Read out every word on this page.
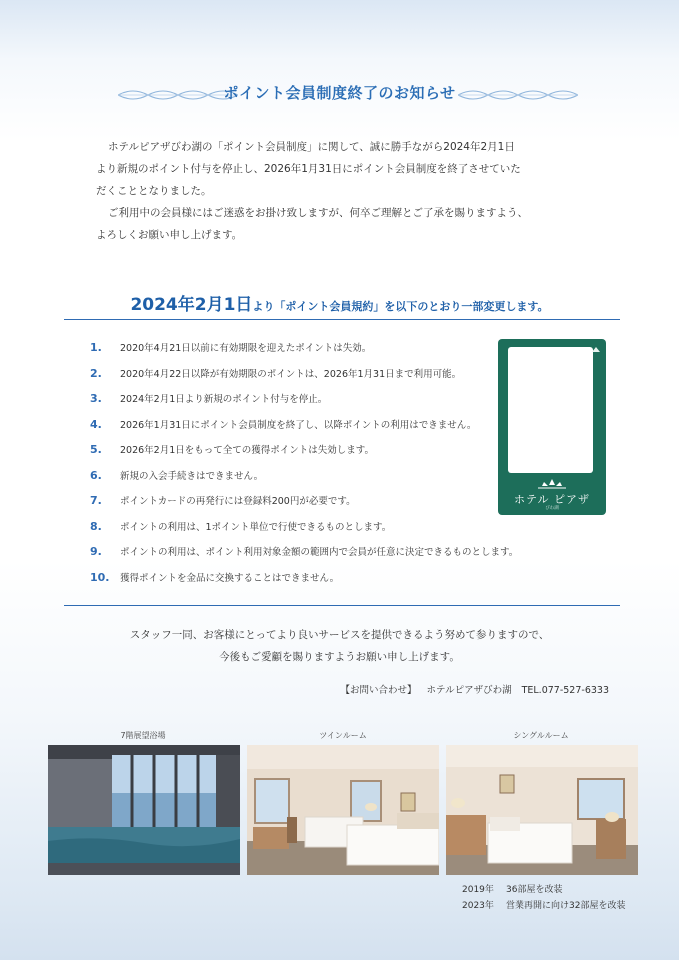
ポイント会員制度終了のお知らせ

ホテルピアザびわ湖の「ポイント会員制度」に関して、誠に勝手ながら2024年2月1日

より新規のポイント付与を停止し、2026年1月31日にポイント会員制度を終了させていた

だくこととなりました。

ご利用中の会員様にはご迷惑をお掛け致しますが、何卒ご理解とご了承を賜りますよう、

よろしくお願い申し上げます。

2024年2月1日より「ポイント会員規約」を以下のとおり一部変更します。
1. 2020年4月21日以前に有効期限を迎えたポイントは失効。
2. 2020年4月22日以降が有効期限のポイントは、2026年1月31日まで利用可能。
3. 2024年2月1日より新規のポイント付与を停止。
4. 2026年1月31日にポイント会員制度を終了し、以降ポイントの利用はできません。
5. 2026年2月1日をもって全ての獲得ポイントは失効します。
6. 新規の入会手続きはできません。
7. ポイントカードの再発行には登録料200円が必要です。
8. ポイントの利用は、1ポイント単位で行使できるものとします。
9. ポイントの利用は、ポイント利用対象金額の範囲内で会員が任意に決定できるものとします。
10. 獲得ポイントを金品に交換することはできません。
ホテル ピアザ
びわ湖

スタッフ一同、お客様にとってより良いサービスを提供できるよう努めて参りますので、

今後もご愛顧を賜りますようお願い申し上げます。

【お問い合わせ】 ホテルピアザびわ湖 TEL.077-527-6333
7階展望浴場	ツインルーム	シングルルーム
2019年 36部屋を改装
2023年 営業再開に向け32部屋を改装
